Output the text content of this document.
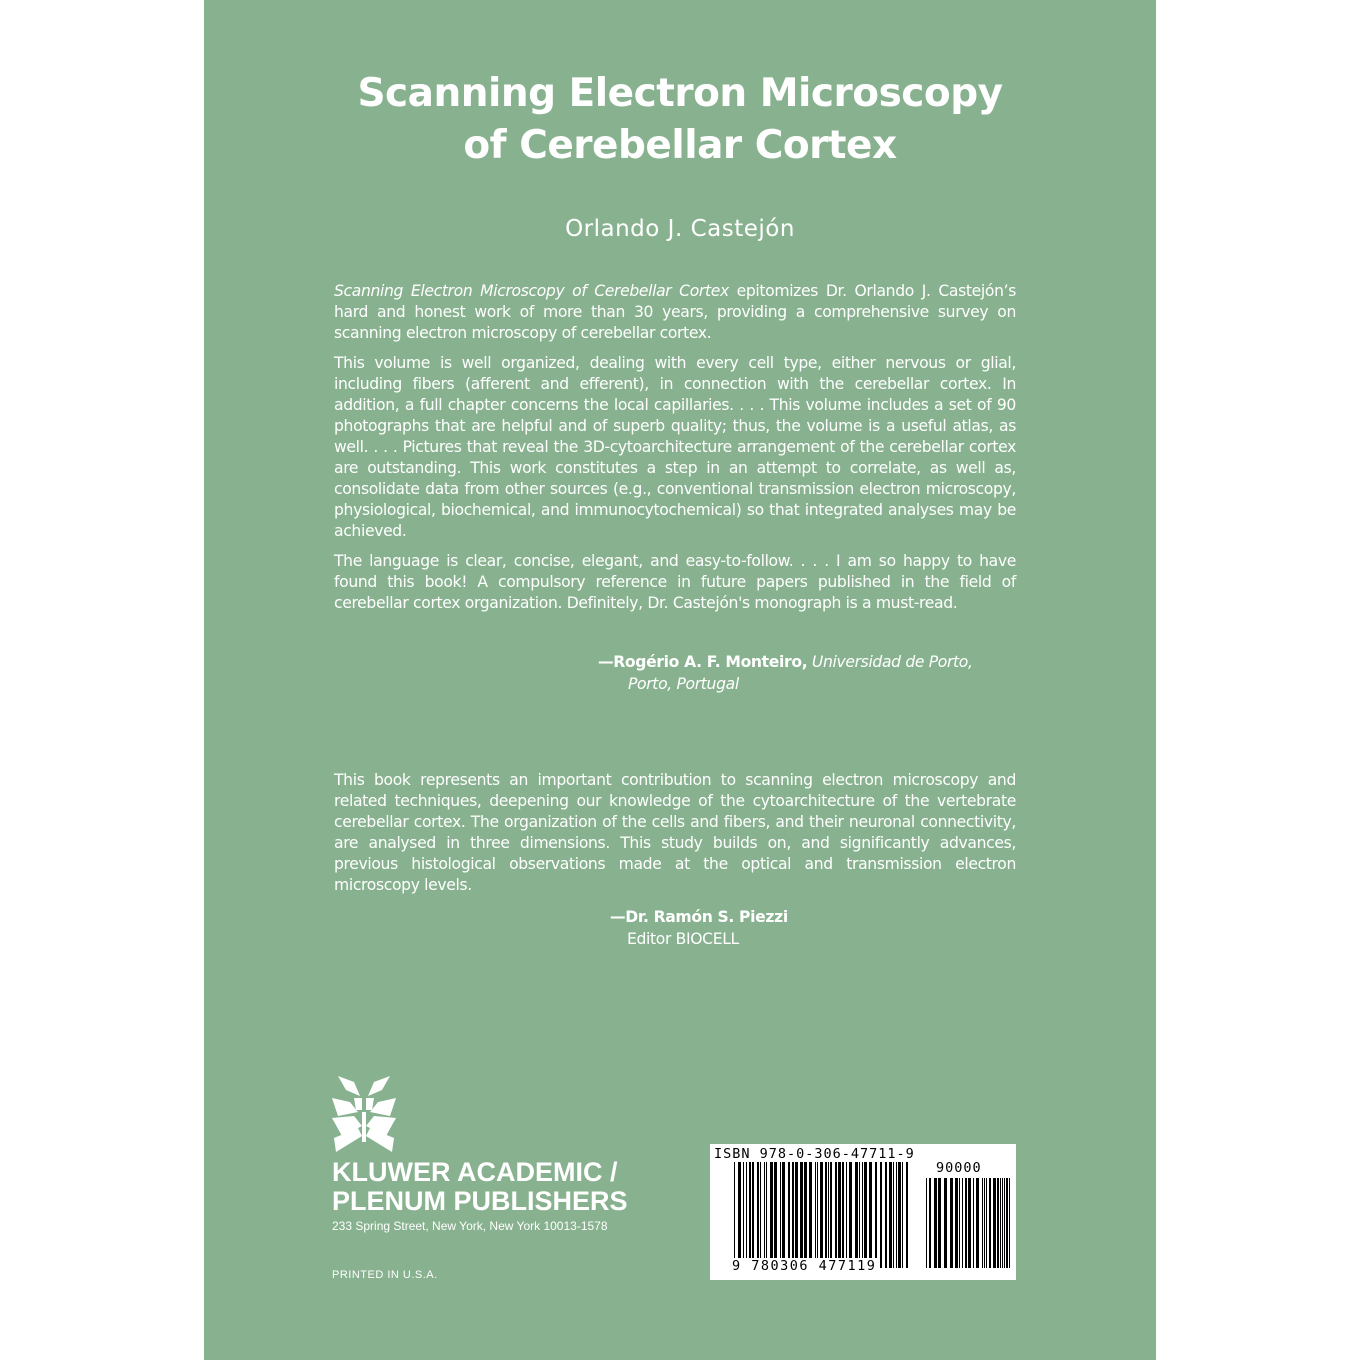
Scanning Electron Microscopy
of Cerebellar Cortex
Orlando J. Castejón

Scanning Electron Microscopy of Cerebellar Cortex epitomizes Dr. Orlando J. Castejón’s hard and honest work of more than 30 years, providing a comprehensive survey on scanning electron microscopy of cerebellar cortex.

This volume is well organized, dealing with every cell type, either nervous or glial, including fibers (afferent and efferent), in connection with the cerebellar cortex. In addition, a full chapter concerns the local capillaries. . . . This volume includes a set of 90 photographs that are helpful and of superb quality; thus, the volume is a useful atlas, as well. . . . Pictures that reveal the 3D-cytoarchitecture arrangement of the cerebellar cortex are outstanding. This work constitutes a step in an attempt to correlate, as well as, consolidate data from other sources (e.g., conventional transmission electron microscopy, physiological, biochemical, and immunocytochemical) so that integrated analyses may be achieved.

The language is clear, concise, elegant, and easy-to-follow. . . . I am so happy to have found this book! A compulsory reference in future papers published in the field of cerebellar cortex organization. Definitely, Dr. Castejón's monograph is a must-read.

—Rogério A. F. Monteiro, Universidad de Porto,
Porto, Portugal

This book represents an important contribution to scanning electron microscopy and related techniques, deepening our knowledge of the cytoarchitecture of the vertebrate cerebellar cortex. The organization of the cells and fibers, and their neuronal connectivity, are analysed in three dimensions. This study builds on, and significantly advances, previous histological observations made at the optical and transmission electron microscopy levels.

—Dr. Ramón S. Piezzi
Editor BIOCELL
KLUWER ACADEMIC /
PLENUM PUBLISHERS
233 Spring Street, New York, New York 10013-1578
PRINTED IN U.S.A.
ISBN 978-0-306-47711-9
90000
9 780306 477119
